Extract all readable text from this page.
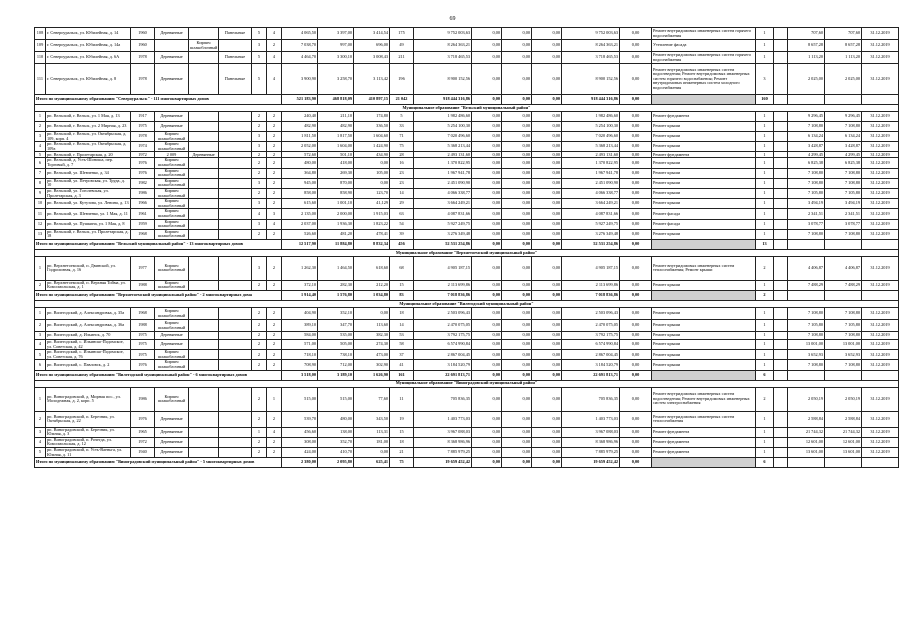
69
108	г. Североуральск, ул. Юбилейная, д. 14	1960	Деревянные		Панельные	5	4	4 065,50	3 397,00	3 414,54	175	9 752 003,63	0,00	0,00	0,00	9 752 003,63	0,00	Ремонт внутридомовых инженерных систем горячего водоснабжения	1		707,60	707,60	31.12.2019
109	г. Североуральск, ул. Юбилейная, д. 14а	1960		Кирпич шлакоблочный		3	2	7 038,70	997,00	696,00	49	8 264 363,21	0,00	0,00	0,00	8 264 363,21	0,00	Утепление фасада	1		8 657,28	8 657,28	31.12.2019
110	г. Североуральск, ул. Юбилейная, д. 6А	1978	Деревянные		Панельные	5	4	4 464,70	3 300,10	3 008,43	211	3 718 465,53	0,00	0,00	0,00	3 718 465,53	0,00	Ремонт внутридомовых инженерных систем горячего водоснабжения	1		1 113,20	1 113,20	31.12.2019
111	г. Североуральск, ул. Юбилейная, д. 8	1978	Деревянные		Панельные	5	4	3 900,90	3 258,70	3 113,42	196	8 900 152,56	0,00	0,00	0,00	8 900 152,56	0,00	Ремонт внутридомовых инженерных систем водоотведения; Ремонт внутридомовых инженерных систем горячего водоснабжения; Ремонт внутридомовых инженерных систем холодного водоснабжения	3		2 025,00	2 025,00	31.12.2019
Итого по муниципальному образованию "Североуральск" - 111 многоквартирных домов								521 183,90	468 818,09	410 897,15	21 042	918 444 316,86	0,00	0,00	0,00	918 444 316,86	0,00		160				
Муниципальное образование "Вельский муниципальный район"																							
1	рп. Вельский, г. Вельск, ул. 1 Мая, д. 13	1917	Деревянные			2	2	240,40	211,10	174,80	5	1 982 486,60	0,00	0,00	0,00	1 982 486,60	0,00	Ремонт фундамента	1		9 296,45	9 296,45	31.12.2019
2	рп. Вельский, г. Вельск, ул. 2 Мирная, д. 23	1975	Деревянные			2	2	482,90	482,90	336,50	33	5 254 100,30	0,00	0,00	0,00	5 254 100,30	0,00	Ремонт крыши	1		7 108,80	7 108,80	31.12.2019
3	рп. Вельский, г. Вельск, ул. Октябрьская, д. 109, корп. 4	1978	Кирпич шлакоблочный			3	2	1 811,50	1 817,50	1 604,60	71	7 020 496,60	0,00	0,00	0,00	7 020 496,60	0,00	Ремонт крыши	1		6 134,24	6 134,24	31.12.2019
4	рп. Вельский, г. Вельск, ул. Октябрьская, д. 109а	1974	Кирпич шлакоблочный			3	2	2 052,00	1 604,00	1 424,90	75	5 368 213,44	0,00	0,00	0,00	5 368 213,44	0,00	Ремонт крыши	1		3 428,87	3 428,87	31.12.2019
5	рп. Вельский, г. Пролетарская, д. 20	1972	2 009	Деревянные		2	2	572,60	501,10	434,90	28	2 493 131,60	0,00	0,00	0,00	2 493 131,60	0,00	Ремонт фундамента	1		4 299,45	4 299,45	31.12.2019
6	рп. Вельский, д. Усть-Шоноша, пер. Торговый, д. 7	1976	Кирпич шлакоблочный			2	2	480,00	418,00	0,00	16	1 370 822,95	0,00	0,00	0,00	1 370 822,95	0,00	Ремонт крыши	1		6 825,38	6 825,38	31.12.2019
7	рп. Вельский, ул. Шевченко, д. 34	1976	Кирпич шлакоблочный			2	2	364,80	269,30	105,00	23	1 967 941,78	0,00	0,00	0,00	1 967 941,78	0,00	Ремонт крыши	1		7 108,80	7 108,80	31.12.2019
8	рп. Вельский, ул. Петровская, ул. Труда, д. 10	1982	Кирпич шлакоблочный			3	2	945,00	870,00	0,00	23	2 451 090,90	0,00	0,00	0,00	2 451 090,90	0,00	Ремонт крыши	1		7 108,80	7 108,80	31.12.2019
9	рп. Вельский, ул. Гоголевская, ул. Пролетарская, д. 3	1986	Кирпич шлакоблочный			2	2	858,00	858,90	123,70	14	4 066 338,77	0,00	0,00	0,00	4 066 338,77	0,00	Ремонт крыши	1		7 105,80	7 105,80	31.12.2019
10	рп. Вельский, ул. Кутузова, ул. Ленина, д. 13	1966	Кирпич шлакоблочный			3	2	615,60	1 001,10	41,129	29	3 664 249,21	0,00	0,00	0,00	3 664 249,21	0,00	Ремонт крыши	1		3 494,19	3 494,19	31.12.2019
11	рп. Вельский, ул. Шевченко, ул. 1 Мая, д. 11	1961	Кирпич шлакоблочный			4	3	2 135,00	2 000,00	1 915,03	63	4 087 831,66	0,00	0,00	0,00	4 087 831,66	0,00	Ремонт фасада	1		2 341,51	2 341,51	31.12.2019
12	рп. Вельский, ул. Пушкина, ул. 1 Мая, д. 8	1959	Кирпич шлакоблочный			3	4	2 037,00	1 936,30	1 823,22	54	5 927 249,75	0,00	0,00	0,00	5 927 249,75	0,00	Ремонт фасада	1		3 078,77	3 078,77	31.12.2019
13	рп. Вельский, г. Вельск, ул. Пролетарская, д. 18	1968	Кирпич шлакоблочный			2	2	526,60	481,20	478,41	39	3 276 349,48	0,00	0,00	0,00	3 276 349,48	0,00	Ремонт крыши	1		7 108,80	7 108,80	31.12.2019
Итого по муниципальному образованию "Вельский муниципальный район" - 13 многоквартирных домов								12 517,90	11 884,80	8 832,34	456	52 531 254,86	0,00	0,00	0,00	52 531 254,86	0,00		13				
Муниципальное образование "Верхнетоемский муниципальный район"																							
1	рп. Верхнетоемский, п. Двинской, ул. Гидролизная, д. 16	1977	Кирпич шлакоблочный			3	2	1 262,30	1 464,50	618,60	68	4 905 187,15	0,00	0,00	0,00	4 905 187,15	0,00	Ремонт внутридомовых инженерных систем теплоснабжения; Ремонт крыши	2		4 406,87	4 406,87	31.12.2019
2	рп. Верхнетоемский, п. Верхняя Тойма, ул. Комсомольская, д. 1	1988	Кирпич шлакоблочный			2	2	372,10	282,30	212,20	15	2 113 699,86	0,00	0,00	0,00	2 113 699,86	0,00	Ремонт крыши	1		7 488,29	7 488,29	31.12.2019
Итого по муниципальному образованию "Верхнетоемский муниципальный район" - 2 многоквартирных дома								1 914,40	1 576,80	1 034,80	83	7 018 836,86	0,00	0,00	0,00	7 018 836,86	0,00		2				
Муниципальное образование "Вилегодский муниципальный район"																							
1	рп. Вилегодский, д. Александровка, д. 35а	1968	Кирпич шлакоблочный			2	2	404,90	352,10	0,00	18	2 503 096,43	0,00	0,00	0,00	2 503 096,43	0,00	Ремонт крыши	1		7 108,80	7 108,80	31.12.2019
2	рп. Вилегодский, д. Александровка, д. 36а	1988	Кирпич шлакоблочный			2	2	389,10	347,70	113,60	14	2 470 075,05	0,00	0,00	0,00	2 470 075,05	0,00	Ремонт крыши	1		7 105,80	7 105,80	31.12.2019
3	рп. Вилегодский, д. Ильинск, д. 70	1975	Деревянные			2	2	584,00	535,00	382,30	53	3 792 175,75	0,00	0,00	0,00	3 792 175,75	0,00	Ремонт крыши	1		7 108,80	7 108,80	31.12.2019
4	рп. Вилегодский, с. Ильинско-Подомское, ул. Советская, д. 42	1975	Деревянные			2	2	571,00	505,00	274,30	58	6 574 990,84	0,00	0,00	0,00	6 574 990,84	0,00	Ремонт крыши	1		13 001,00	13 001,00	31.12.2019
5	рп. Вилегодский, с. Ильинско-Подомское, ул. Советская, д. 76	1975	Кирпич шлакоблочный			2	2	718,10	738,10	473,00	37	2 867 004,45	0,00	0,00	0,00	2 867 004,45	0,00	Ремонт крыши	1		3 652,93	3 652,93	31.12.2019
6	рп. Вилегодский, с. Павловск, д. 2	1976	Кирпич шлакоблочный			2	2	708,90	712,00	302,90	41	3 184 520,79	0,00	0,00	0,00	3 184 520,79	0,00	Ремонт крыши	1		7 108,80	7 108,80	31.12.2019
Итого по муниципальному образованию "Вилегодский муниципальный район" - 6 многоквартирных домов								3 518,00	3 189,10	1 626,90	161	22 691 813,71	0,00	0,00	0,00	22 691 813,71	0,00		6				
Муниципальное образование "Виноградовский муниципальный район"																							
1	рп. Виноградовский, д. Мирная пос., ул. Молодежная, д. 2, корп. 5	1986	Кирпич шлакоблочный			2	1	515,00	515,00	77,60	11	705 836,35	0,00	0,00	0,00	705 836,35	0,00	Ремонт внутридомовых инженерных систем водоотведения; Ремонт внутридомовых инженерных систем электроснабжения	2		2 050,19	2 050,19	31.12.2019
2	рп. Виноградовский, п. Березник, ул. Октябрьская, д. 22	1976	Деревянные			2	2	539,70	480,00	343,50	19	1 403 773,03	0,00	0,00	0,00	1 403 773,03	0,00	Ремонт внутридомовых инженерных систем теплоснабжения	1		2 588,84	2 588,84	31.12.2019
3	рп. Виноградовский, п. Березник, ул. Южная, д. 3	1965	Деревянные			1	4	456,60	138,00	113,31	15	3 967 088,03	0,00	0,00	0,00	3 967 088,03	0,00	Ремонт фундамента	1		21 744,32	21 744,32	31.12.2019
4	рп. Виноградовский, п. Рочегда, ул. Комсомольская, д. 12	1972	Деревянные			2	2	308,00	352,70	181,00	18	8 368 986,96	0,00	0,00	0,00	8 368 986,96	0,00	Ремонт фундамента	1		12 601,00	12 601,00	31.12.2019
5	рп. Виноградовский, п. Усть-Ваеньга, ул. Южная, д. 11	1940	Деревянные			2	2	424,00	410,70	0,00	21	7 885 979,25	0,00	0,00	0,00	7 885 979,25	0,00	Ремонт фундамента	1		13 601,00	13 601,00	31.12.2019
Итого по муниципальному образованию "Виноградовский муниципальный район" - 5 многоквартирных домов								2 380,00	2 095,80	625,41	75	19 659 452,42	0,00	0,00	0,00	19 659 452,42	0,00		6				
